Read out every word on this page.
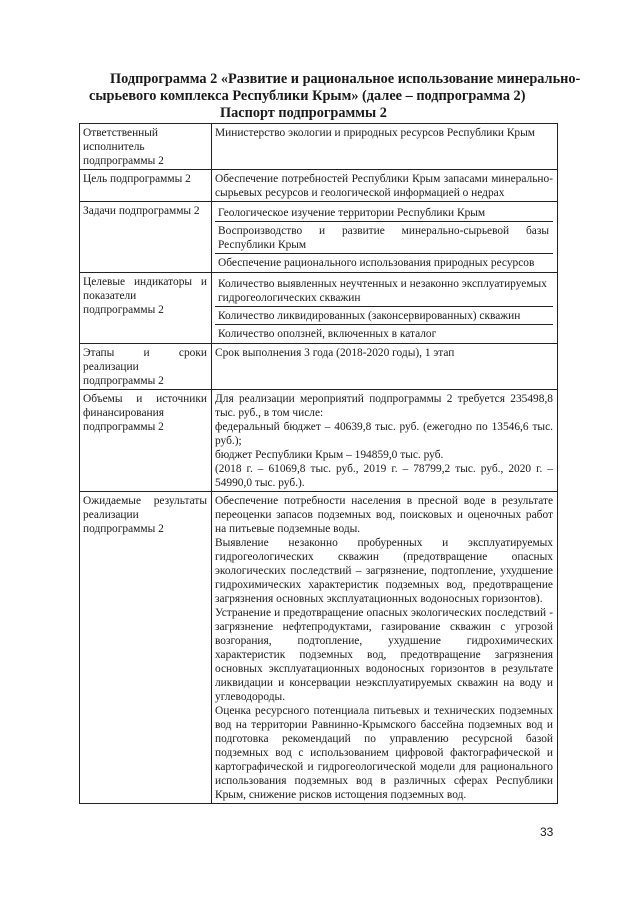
Подпрограмма 2 «Развитие и рациональное использование минерально-
сырьевого комплекса Республики Крым» (далее – подпрограмма 2)
Паспорт подпрограммы 2
Ответственный исполнитель подпрограммы 2	Министерство экологии и природных ресурсов Республики Крым
Цель подпрограммы 2	Обеспечение потребностей Республики Крым запасами минерально-сырьевых ресурсов и геологической информацией о недрах
Задачи подпрограммы 2	Геологическое изучение территории Республики Крым
Воспроизводство и развитие минерально-сырьевой базы Республики Крым
Обеспечение рационального использования природных ресурсов

Целевые индикаторы и показатели подпрограммы 2	Количество выявленных неучтенных и незаконно эксплуатируемых гидрогеологических скважин
Количество ликвидированных (законсервированных) скважин
Количество оползней, включенных в каталог

Этапы и сроки реализации подпрограммы 2	Срок выполнения 3 года (2018-2020 годы), 1 этап
Объемы и источники финансирования подпрограммы 2	Для реализации мероприятий подпрограммы 2 требуется 235498,8 тыс. руб., в том числе:
федеральный бюджет – 40639,8 тыс. руб. (ежегодно по 13546,6 тыс. руб.);
бюджет Республики Крым – 194859,0 тыс. руб.
(2018 г. – 61069,8 тыс. руб., 2019 г. – 78799,2 тыс. руб., 2020 г. – 54990,0 тыс. руб.).

Ожидаемые результаты реализации подпрограммы 2	Обеспечение потребности населения в пресной воде в результате переоценки запасов подземных вод, поисковых и оценочных работ на питьевые подземные воды.
Выявление незаконно пробуренных и эксплуатируемых гидрогеологических скважин (предотвращение опасных экологических последствий – загрязнение, подтопление, ухудшение гидрохимических характеристик подземных вод, предотвращение загрязнения основных эксплуатационных водоносных горизонтов).
Устранение и предотвращение опасных экологических последствий - загрязнение нефтепродуктами, газирование скважин с угрозой возгорания, подтопление, ухудшение гидрохимических характеристик подземных вод, предотвращение загрязнения основных эксплуатационных водоносных горизонтов в результате ликвидации и консервации неэксплуатируемых скважин на воду и углеводороды.
Оценка ресурсного потенциала питьевых и технических подземных вод на территории Равнинно-Крымского бассейна подземных вод и подготовка рекомендаций по управлению ресурсной базой подземных вод с использованием цифровой фактографической и картографической и гидрогеологической модели для рационального использования подземных вод в различных сферах Республики Крым, снижение рисков истощения подземных вод.
33
